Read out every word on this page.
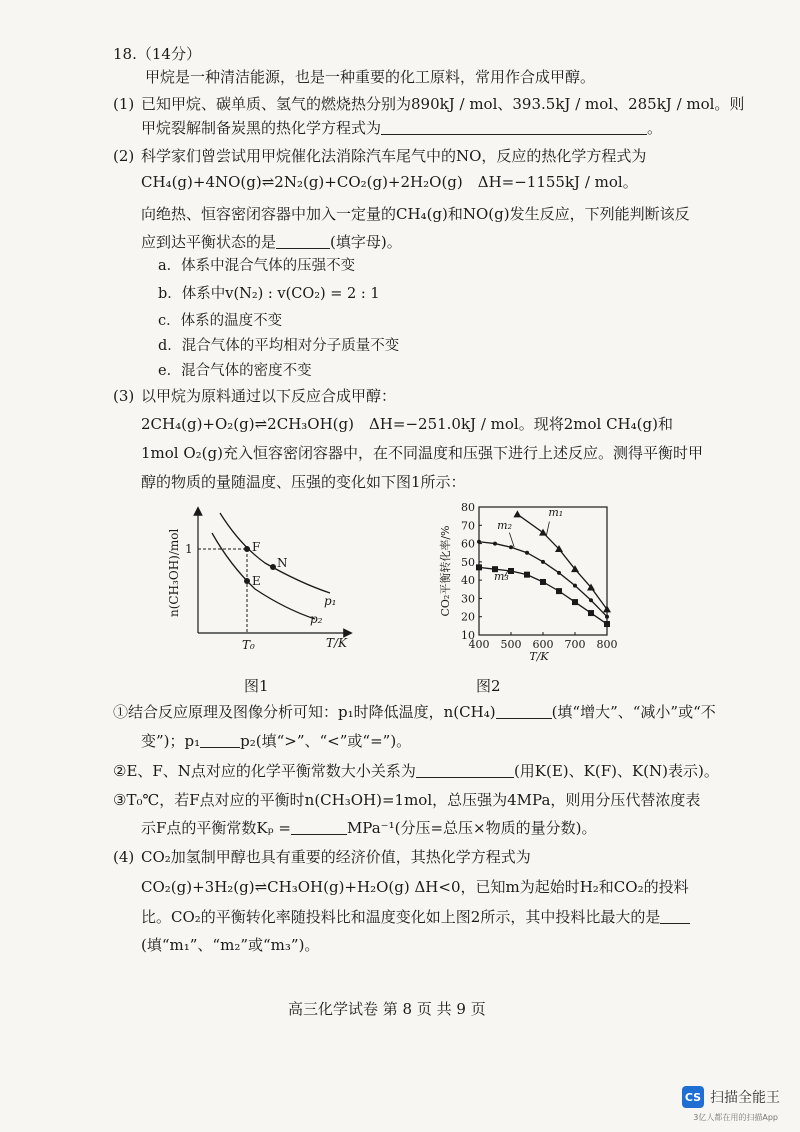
18.（14分）
甲烷是一种清洁能源，也是一种重要的化工原料，常用作合成甲醇。
(1) 已知甲烷、碳单质、氢气的燃烧热分别为890kJ / mol、393.5kJ / mol、285kJ / mol。则
甲烷裂解制备炭黑的热化学方程式为	。
(2) 科学家们曾尝试用甲烷催化法消除汽车尾气中的NO，反应的热化学方程式为
CH₄(g)+4NO(g)⇌2N₂(g)+CO₂(g)+2H₂O(g)　ΔH=−1155kJ / mol。
向绝热、恒容密闭容器中加入一定量的CH₄(g)和NO(g)发生反应，下列能判断该反
应到达平衡状态的是	(填字母)。
a．体系中混合气体的压强不变
b．体系中v(N₂) : v(CO₂) = 2 : 1
c．体系的温度不变
d．混合气体的平均相对分子质量不变
e．混合气体的密度不变
(3) 以甲烷为原料通过以下反应合成甲醇：
2CH₄(g)+O₂(g)⇌2CH₃OH(g)　ΔH=−251.0kJ / mol。现将2mol CH₄(g)和
1mol O₂(g)充入恒容密闭容器中，在不同温度和压强下进行上述反应。测得平衡时甲
醇的物质的量随温度、压强的变化如下图1所示：
n(CH₃OH)/mol
T/K
1
T₀
F
N
E
p₁
p₂
图1
10
20
30
40
50
60
70
80
400 500 600 700 800
T/K
CO₂平衡转化率/%
m₁
m₂
m₃
图2
①结合反应原理及图像分析可知：p₁时降低温度，n(CH₄)	(填“增大”、“减小”或“不
变”)；p₁	p₂(填“>”、“<”或“=”)。
②E、F、N点对应的化学平衡常数大小关系为	(用K(E)、K(F)、K(N)表示)。
③T₀℃，若F点对应的平衡时n(CH₃OH)=1mol，总压强为4MPa，则用分压代替浓度表
示F点的平衡常数Kₚ =	MPa⁻¹(分压=总压×物质的量分数)。
(4) CO₂加氢制甲醇也具有重要的经济价值，其热化学方程式为
CO₂(g)+3H₂(g)⇌CH₃OH(g)+H₂O(g) ΔH<0，已知m为起始时H₂和CO₂的投料
比。CO₂的平衡转化率随投料比和温度变化如上图2所示，其中投料比最大的是
(填“m₁”、“m₂”或“m₃”)。
高三化学试卷 第 8 页 共 9 页
CS 扫描全能王
3亿人都在用的扫描App
